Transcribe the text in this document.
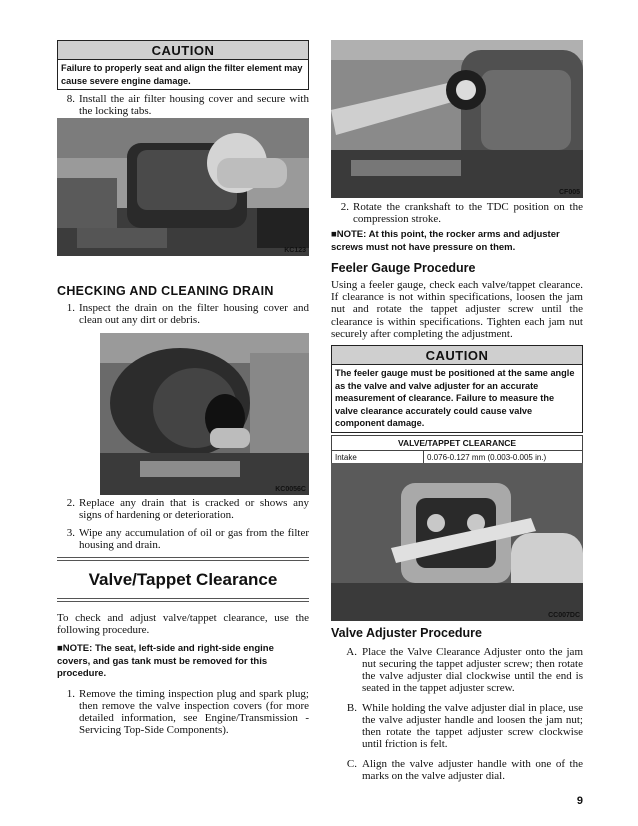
CAUTION
Failure to properly seat and align the filter element may cause severe engine damage.
8. Install the air filter housing cover and secure with the locking tabs.
KC123
CHECKING AND CLEANING DRAIN
1. Inspect the drain on the filter housing cover and clean out any dirt or debris.
KC0056C
2. Replace any drain that is cracked or shows any signs of hardening or deterioration.
3. Wipe any accumulation of oil or gas from the filter housing and drain.
Valve/Tappet Clearance
To check and adjust valve/tappet clearance, use the following procedure.
■NOTE: The seat, left-side and right-side engine covers, and gas tank must be removed for this procedure.
1. Remove the timing inspection plug and spark plug; then remove the valve inspection covers (for more detailed information, see Engine/Transmission - Servicing Top-Side Components).
CF005
2. Rotate the crankshaft to the TDC position on the compression stroke.
■NOTE: At this point, the rocker arms and adjuster screws must not have pressure on them.
Feeler Gauge Procedure
Using a feeler gauge, check each valve/tappet clearance. If clearance is not within specifications, loosen the jam nut and rotate the tappet adjuster screw until the clearance is within specifications. Tighten each jam nut securely after completing the adjustment.
CAUTION
The feeler gauge must be positioned at the same angle as the valve and valve adjuster for an accurate measurement of clearance. Failure to measure the valve clearance accurately could cause valve component damage.
VALVE/TAPPET CLEARANCE
Intake	0.076-0.127 mm (0.003-0.005 in.)

CC007DC
Valve Adjuster Procedure
A. Place the Valve Clearance Adjuster onto the jam nut securing the tappet adjuster screw; then rotate the valve adjuster dial clockwise until the end is seated in the tappet adjuster screw.
B. While holding the valve adjuster dial in place, use the valve adjuster handle and loosen the jam nut; then rotate the tappet adjuster screw clockwise until friction is felt.
C. Align the valve adjuster handle with one of the marks on the valve adjuster dial.
9
